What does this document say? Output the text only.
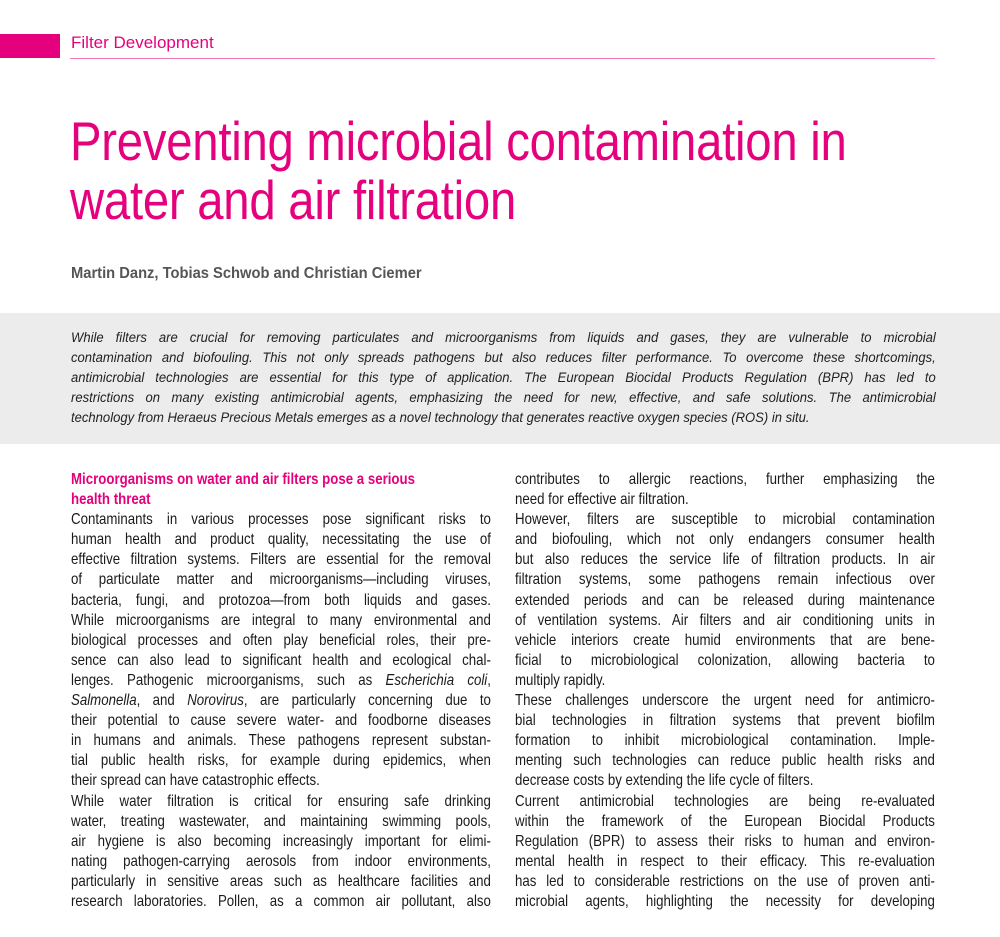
Filter Development
Preventing microbial contamination in
water and air filtration
Martin Danz, Tobias Schwob and Christian Ciemer
While filters are crucial for removing particulates and microorganisms from liquids and gases, they are vulnerable to microbial
contamination and biofouling. This not only spreads pathogens but also reduces filter performance. To overcome these shortcomings,
antimicrobial technologies are essential for this type of application. The European Biocidal Products Regulation (BPR) has led to
restrictions on many existing antimicrobial agents, emphasizing the need for new, effective, and safe solutions. The antimicrobial
technology from Heraeus Precious Metals emerges as a novel technology that generates reactive oxygen species (ROS) in situ.
Microorganisms on water and air filters pose a serious
health threat
Contaminants in various processes pose significant risks to
human health and product quality, necessitating the use of
effective filtration systems. Filters are essential for the removal
of particulate matter and microorganisms—including viruses,
bacteria, fungi, and protozoa—from both liquids and gases.
While microorganisms are integral to many environmental and
biological processes and often play beneficial roles, their pre-
sence can also lead to significant health and ecological chal-
lenges. Pathogenic microorganisms, such as Escherichia coli,
Salmonella, and Norovirus, are particularly concerning due to
their potential to cause severe water- and foodborne diseases
in humans and animals. These pathogens represent substan-
tial public health risks, for example during epidemics, when
their spread can have catastrophic effects.
While water filtration is critical for ensuring safe drinking
water, treating wastewater, and maintaining swimming pools,
air hygiene is also becoming increasingly important for elimi-
nating pathogen-carrying aerosols from indoor environments,
particularly in sensitive areas such as healthcare facilities and
research laboratories. Pollen, as a common air pollutant, also
contributes to allergic reactions, further emphasizing the
need for effective air filtration.
However, filters are susceptible to microbial contamination
and biofouling, which not only endangers consumer health
but also reduces the service life of filtration products. In air
filtration systems, some pathogens remain infectious over
extended periods and can be released during maintenance
of ventilation systems. Air filters and air conditioning units in
vehicle interiors create humid environments that are bene-
ficial to microbiological colonization, allowing bacteria to
multiply rapidly.
These challenges underscore the urgent need for antimicro-
bial technologies in filtration systems that prevent biofilm
formation to inhibit microbiological contamination. Imple-
menting such technologies can reduce public health risks and
decrease costs by extending the life cycle of filters.
Current antimicrobial technologies are being re-evaluated
within the framework of the European Biocidal Products
Regulation (BPR) to assess their risks to human and environ-
mental health in respect to their efficacy. This re-evaluation
has led to considerable restrictions on the use of proven anti-
microbial agents, highlighting the necessity for developing
